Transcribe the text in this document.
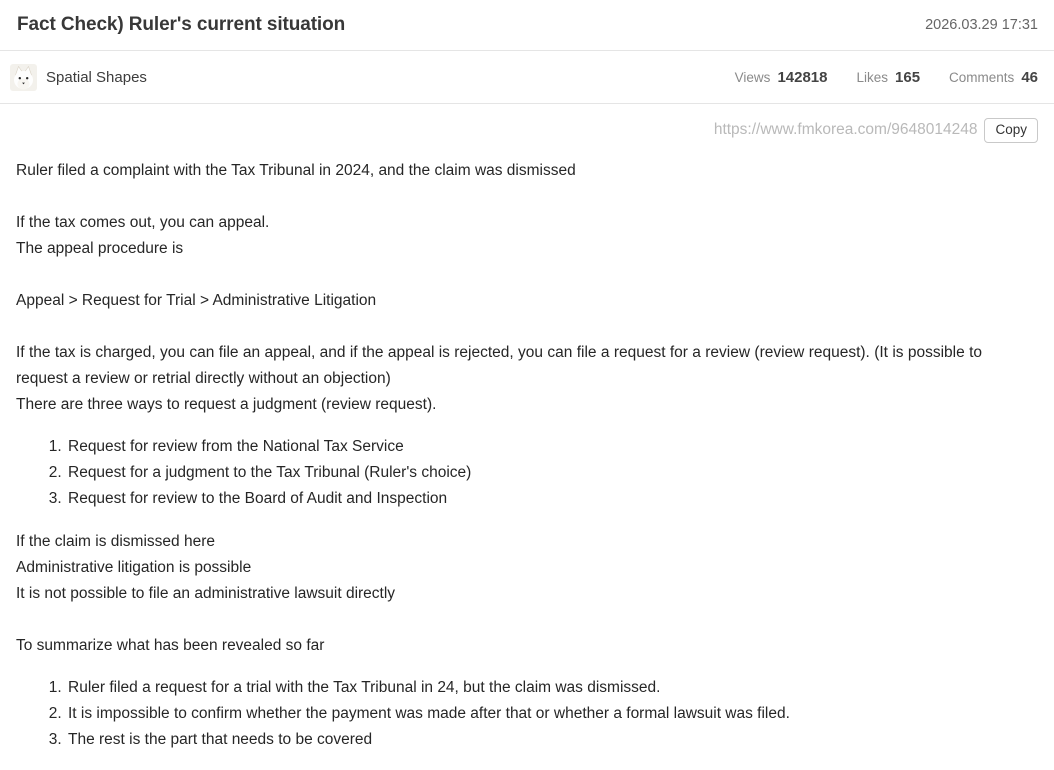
Fact Check) Ruler's current situation	2026.03.29 17:31
Spatial Shapes	Views 142818 Likes 165 Comments 46
https://www.fmkorea.com/9648014248	Copy
Ruler filed a complaint with the Tax Tribunal in 2024, and the claim was dismissed
If the tax comes out, you can appeal.
The appeal procedure is
Appeal > Request for Trial > Administrative Litigation
If the tax is charged, you can file an appeal, and if the appeal is rejected, you can file a request for a review (review request). (It is possible to request a review or retrial directly without an objection)
There are three ways to request a judgment (review request).
1. Request for review from the National Tax Service
2. Request for a judgment to the Tax Tribunal (Ruler's choice)
3. Request for review to the Board of Audit and Inspection
If the claim is dismissed here
Administrative litigation is possible
It is not possible to file an administrative lawsuit directly
To summarize what has been revealed so far
1. Ruler filed a request for a trial with the Tax Tribunal in 24, but the claim was dismissed.
2. It is impossible to confirm whether the payment was made after that or whether a formal lawsuit was filed.
3. The rest is the part that needs to be covered
